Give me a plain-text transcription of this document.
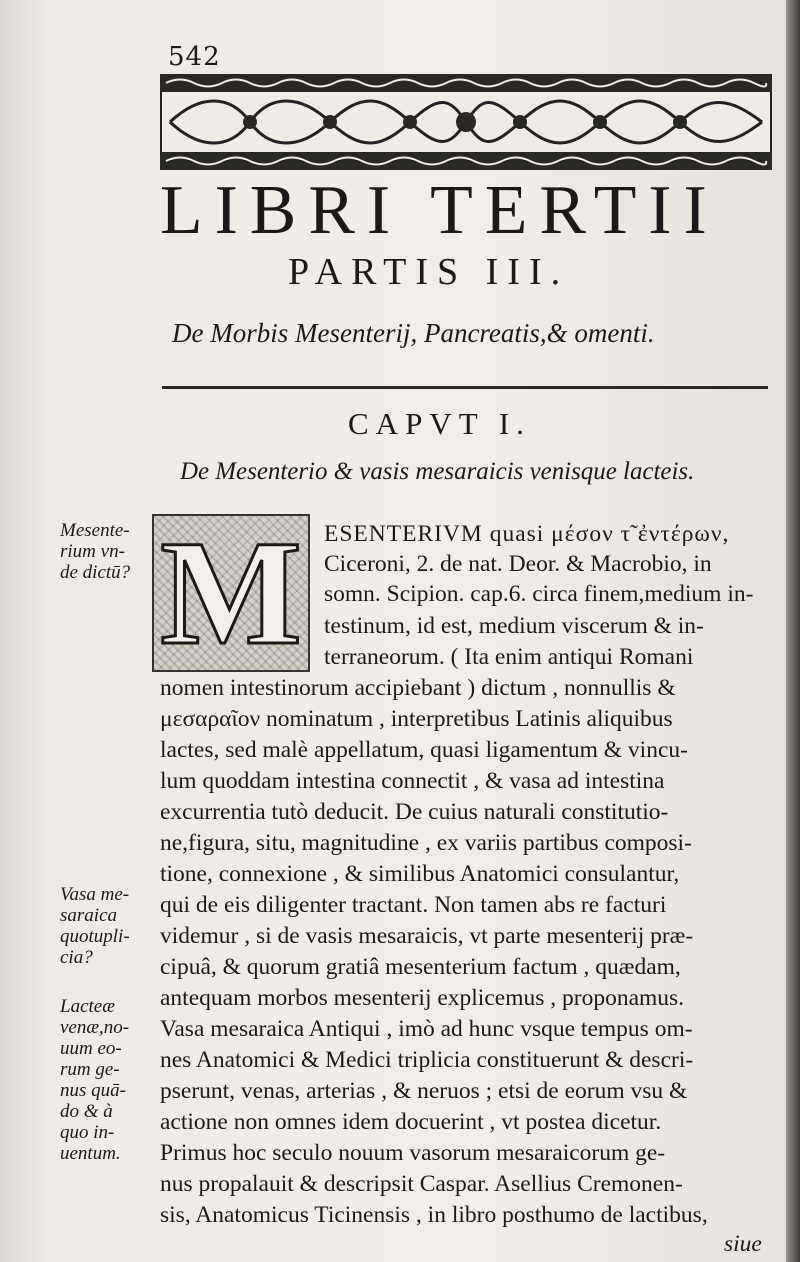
542
LIBRI TERTII
PARTIS III.
De Morbis Mesenterij, Pancreatis,& omenti.
CAPVT I.
De Mesenterio & vasis mesaraicis venisque lacteis.
M ESENTERIVM quasi μέσον τ̃ ἐντέρων,
Ciceroni, 2. de nat. Deor. & Macrobio, in
somn. Scipion. cap.6. circa finem,medium in-
testinum, id est, medium viscerum & in-
terraneorum. ( Ita enim antiqui Romani
nomen intestinorum accipiebant ) dictum , nonnullis &
μεσαραῖον nominatum , interpretibus Latinis aliquibus
lactes, sed malè appellatum, quasi ligamentum & vincu-
lum quoddam intestina connectit , & vasa ad intestina
excurrentia tutò deducit. De cuius naturali constitutio-
ne,figura, situ, magnitudine , ex variis partibus composi-
tione, connexione , & similibus Anatomici consulantur,
qui de eis diligenter tractant. Non tamen abs re facturi
videmur , si de vasis mesaraicis, vt parte mesenterij præ-
cipuâ, & quorum gratiâ mesenterium factum , quædam,
antequam morbos mesenterij explicemus , proponamus.
Vasa mesaraica Antiqui , imò ad hunc vsque tempus om-
nes Anatomici & Medici triplicia constituerunt & descri-
pserunt, venas, arterias , & neruos ; etsi de eorum vsu &
actione non omnes idem docuerint , vt postea dicetur.
Primus hoc seculo nouum vasorum mesaraicorum ge-
nus propalauit & descripsit Caspar. Asellius Cremonen-
sis, Anatomicus Ticinensis , in libro posthumo de lactibus,
siue
Mesente-
rium vn-
de dictū?
Vasa me-
saraica
quotupli-
cia?
Lacteæ
venæ,no-
uum eo-
rum ge-
nus quā-
do & à
quo in-
uentum.
